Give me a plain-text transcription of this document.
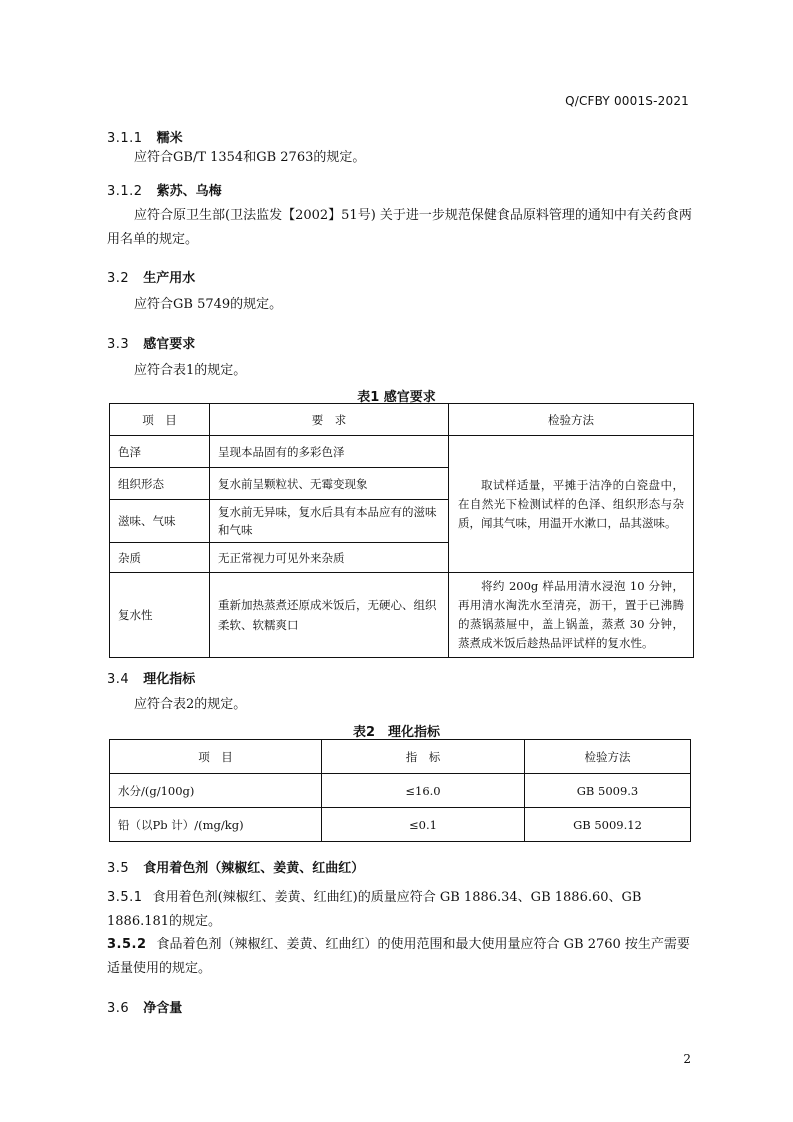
Q/CFBY 0001S-2021
3.1.1 糯米
应符合GB/T 1354和GB 2763的规定。
3.1.2 紫苏、乌梅
应符合原卫生部(卫法监发【2002】51号) 关于进一步规范保健食品原料管理的通知中有关药食两用名单的规定。
3.2 生产用水
应符合GB 5749的规定。
3.3 感官要求
应符合表1的规定。
表1 感官要求
项　目	要　求	检验方法
色泽	呈现本品固有的多彩色泽	取试样适量，平摊于洁净的白瓷盘中，在自然光下检测试样的色泽、组织形态与杂质，闻其气味，用温开水漱口，品其滋味。
组织形态	复水前呈颗粒状、无霉变现象	
滋味、气味	复水前无异味，复水后具有本品应有的滋味和气味	
杂质	无正常视力可见外来杂质	
复水性	重新加热蒸煮还原成米饭后，无硬心、组织柔软、软糯爽口	将约 200g 样品用清水浸泡 10 分钟，再用清水淘洗水至清亮，沥干，置于已沸腾的蒸锅蒸屉中，盖上锅盖，蒸煮 30 分钟，蒸煮成米饭后趁热品评试样的复水性。
3.4 理化指标
应符合表2的规定。
表2　理化指标
项　目	指　标	检验方法
水分/(g/100g)	≤16.0	GB 5009.3
铅（以Pb 计）/(mg/kg)	≤0.1	GB 5009.12
3.5 食用着色剂（辣椒红、姜黄、红曲红）
3.5.1 食用着色剂(辣椒红、姜黄、红曲红)的质量应符合 GB 1886.34、GB 1886.60、GB 1886.181的规定。
3.5.2 食品着色剂（辣椒红、姜黄、红曲红）的使用范围和最大使用量应符合 GB 2760 按生产需要适量使用的规定。
3.6 净含量
2
